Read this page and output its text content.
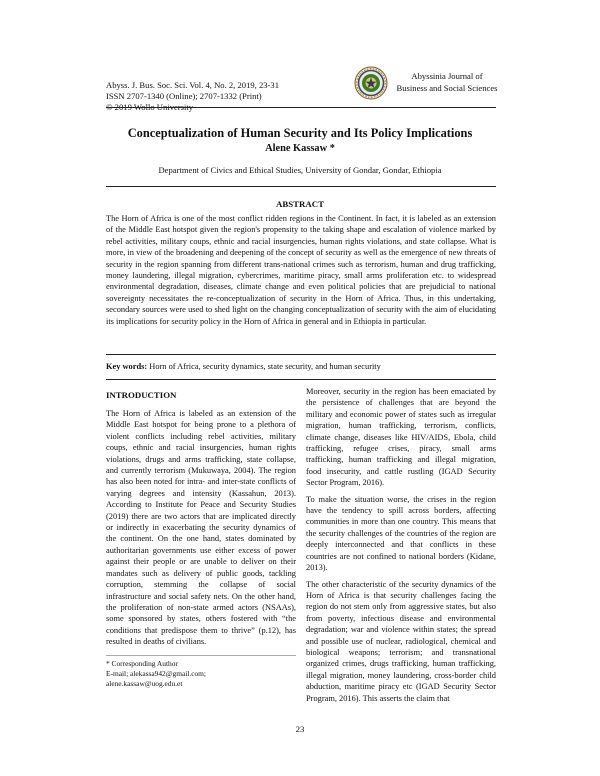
Abyss. J. Bus. Soc. Sci. Vol. 4, No. 2, 2019, 23-31
ISSN 2707-1340 (Online); 2707-1332 (Print)
© 2019 Wollo University
Abyssinia Journal of
Business and Social Sciences
Conceptualization of Human Security and Its Policy Implications
Alene Kassaw *
Department of Civics and Ethical Studies, University of Gondar, Gondar, Ethiopia
ABSTRACT

The Horn of Africa is one of the most conflict ridden regions in the Continent. In fact, it is labeled as an extension of the Middle East hotspot given the region's propensity to the taking shape and escalation of violence marked by rebel activities, military coups, ethnic and racial insurgencies, human rights violations, and state collapse. What is more, in view of the broadening and deepening of the concept of security as well as the emergence of new threats of security in the region spanning from different trans-national crimes such as terrorism, human and drug trafficking, money laundering, illegal migration, cybercrimes, maritime piracy, small arms proliferation etc. to widespread environmental degradation, diseases, climate change and even political policies that are prejudicial to national sovereignty necessitates the re-conceptualization of security in the Horn of Africa. Thus, in this undertaking, secondary sources were used to shed light on the changing conceptualization of security with the aim of elucidating its implications for security policy in the Horn of Africa in general and in Ethiopia in particular.

Key words: Horn of Africa, security dynamics, state security, and human security
INTRODUCTION

The Horn of Africa is labeled as an extension of the Middle East hotspot for being prone to a plethora of violent conflicts including rebel activities, military coups, ethnic and racial insurgencies, human rights violations, drugs and arms trafficking, state collapse, and currently terrorism (Mukuwaya, 2004). The region has also been noted for intra- and inter-state conflicts of varying degrees and intensity (Kassahun, 2013). According to Institute for Peace and Security Studies (2019) there are two actors that are implicated directly or indirectly in exacerbating the security dynamics of the continent. On the one hand, states dominated by authoritarian governments use either excess of power against their people or are unable to deliver on their mandates such as delivery of public goods, tackling corruption, stemming the collapse of social infrastructure and social safety nets. On the other hand, the proliferation of non-state armed actors (NSAAs), some sponsored by states, others fostered with “the conditions that predispose them to thrive” (p.12), has resulted in deaths of civilians.

* Corresponding Author
E-mail; alekassa942@gmail.com;
alene.kassaw@uog.edu.et

Moreover, security in the region has been emaciated by the persistence of challenges that are beyond the military and economic power of states such as irregular migration, human trafficking, terrorism, conflicts, climate change, diseases like HIV/AIDS, Ebola, child trafficking, refugee crises, piracy, small arms trafficking, human trafficking and illegal migration, food insecurity, and cattle rustling (IGAD Security Sector Program, 2016).

To make the situation worse, the crises in the region have the tendency to spill across borders, affecting communities in more than one country. This means that the security challenges of the countries of the region are deeply interconnected and that conflicts in these countries are not confined to national borders (Kidane, 2013).

The other characteristic of the security dynamics of the Horn of Africa is that security challenges facing the region do not stem only from aggressive states, but also from poverty, infectious disease and environmental degradation; war and violence within states; the spread and possible use of nuclear, radiological, chemical and biological weapons; terrorism; and transnational organized crimes, drugs trafficking, human trafficking, illegal migration, money laundering, cross-border child abduction, maritime piracy etc (IGAD Security Sector Program, 2016). This asserts the claim that

23
